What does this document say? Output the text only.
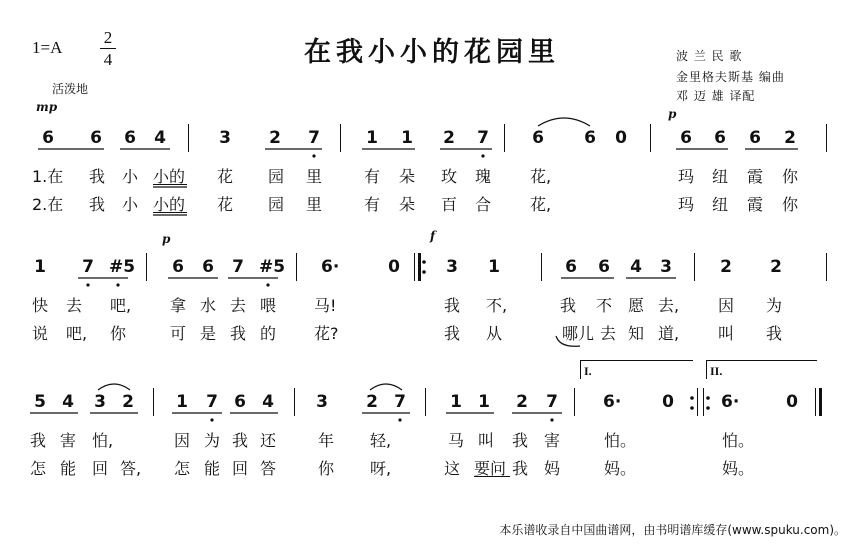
1=A
2
4	在我小小的花园里
活泼地
波 兰 民 歌
金里格夫斯基 编曲
邓 迈 雄 译配
mp	p
p	f
6 6 6 4	3 2 7	1 1 2 7	6 6 0	6 6 6 2
1.在 我 小 小的 花 园 里	有 朵 玫 瑰 花,	玛 纽 霞 你
2.在 我 小 小的 花 园 里	有 朵 百 合 花,	玛 纽 霞 你
1 7 #5 6 6 7 #5 6·	0	3 1	6 6 4 3	2 2
快 去 吧, 拿 水 去 喂 马!	我 不,	我 不 愿 去, 因 为
说 吧, 你	可 是 我 的 花?	我 从	哪儿 去 知 道, 叫 我
5 4 3 2 1 7 6 4 3 2 7	1 1 2 7	6· 0	6·	0
我 害 怕,	因 为 我 还	年 轻,	马 叫 我 害	怕。	怕。
怎 能 回 答, 怎 能 回 答	你 呀,	这 要问 我 妈	妈。	妈。
I.	II.
本乐谱收录自中国曲谱网，由书明谱库缓存(www.spuku.com)。
